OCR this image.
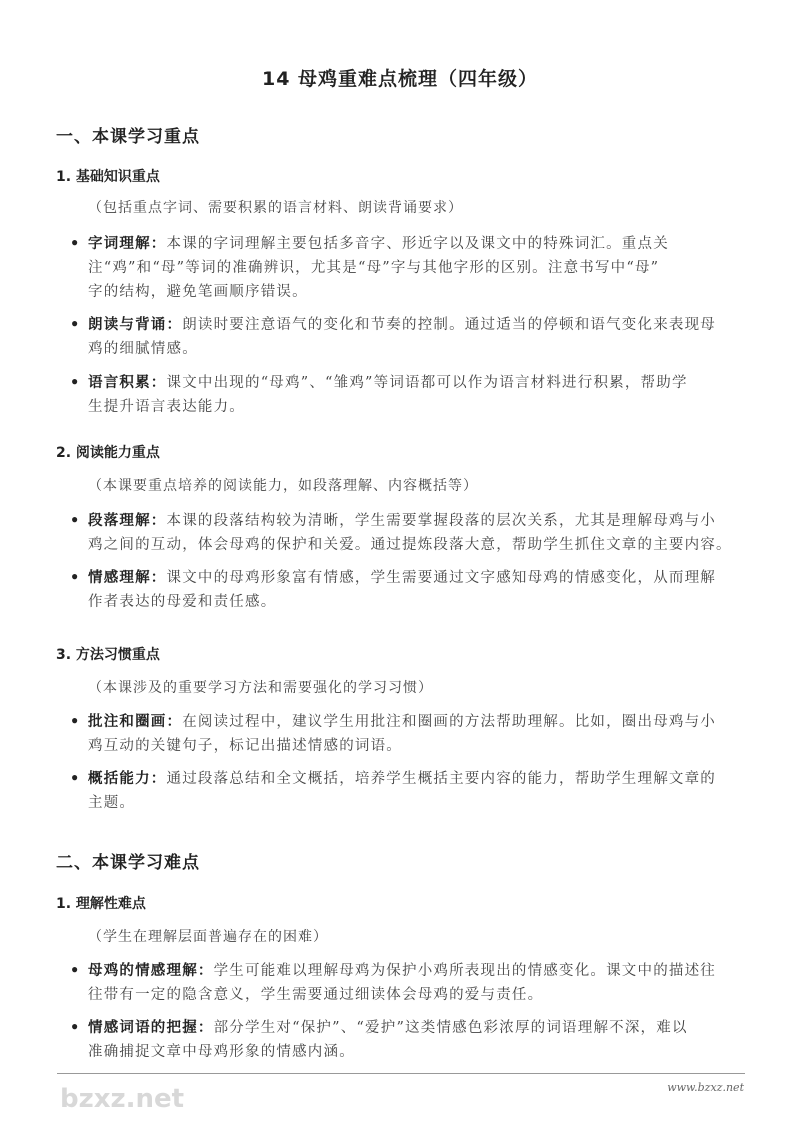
14 母鸡重难点梳理（四年级）
一、本课学习重点
1. 基础知识重点
（包括重点字词、需要积累的语言材料、朗读背诵要求）
• 字词理解：本课的字词理解主要包括多音字、形近字以及课文中的特殊词汇。重点关
注“鸡”和“母”等词的准确辨识，尤其是“母”字与其他字形的区别。注意书写中“母”
字的结构，避免笔画顺序错误。
• 朗读与背诵：朗读时要注意语气的变化和节奏的控制。通过适当的停顿和语气变化来表现母
鸡的细腻情感。
• 语言积累：课文中出现的“母鸡”、“雏鸡”等词语都可以作为语言材料进行积累，帮助学
生提升语言表达能力。
2. 阅读能力重点
（本课要重点培养的阅读能力，如段落理解、内容概括等）
• 段落理解：本课的段落结构较为清晰，学生需要掌握段落的层次关系，尤其是理解母鸡与小
鸡之间的互动，体会母鸡的保护和关爱。通过提炼段落大意，帮助学生抓住文章的主要内容。
• 情感理解：课文中的母鸡形象富有情感，学生需要通过文字感知母鸡的情感变化，从而理解
作者表达的母爱和责任感。
3. 方法习惯重点
（本课涉及的重要学习方法和需要强化的学习习惯）
• 批注和圈画：在阅读过程中，建议学生用批注和圈画的方法帮助理解。比如，圈出母鸡与小
鸡互动的关键句子，标记出描述情感的词语。
• 概括能力：通过段落总结和全文概括，培养学生概括主要内容的能力，帮助学生理解文章的
主题。
二、本课学习难点
1. 理解性难点
（学生在理解层面普遍存在的困难）
• 母鸡的情感理解：学生可能难以理解母鸡为保护小鸡所表现出的情感变化。课文中的描述往
往带有一定的隐含意义，学生需要通过细读体会母鸡的爱与责任。
• 情感词语的把握：部分学生对“保护”、“爱护”这类情感色彩浓厚的词语理解不深，难以
准确捕捉文章中母鸡形象的情感内涵。
bzxz.net	www.bzxz.net
